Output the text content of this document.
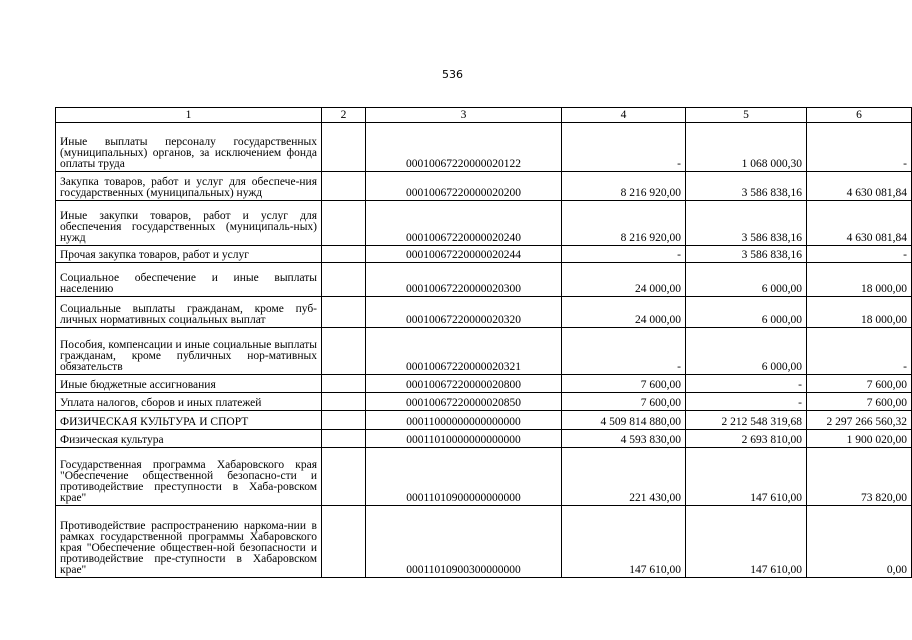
536
1	2	3	4	5	6
Иные выплаты персоналу государственных (муниципальных) органов, за исключением фонда оплаты труда		00010067220000020122	-	1 068 000,30	-
Закупка товаров, работ и услуг для обеспече-ния государственных (муниципальных) нужд		00010067220000020200	8 216 920,00	3 586 838,16	4 630 081,84
Иные закупки товаров, работ и услуг для обеспечения государственных (муниципаль-ных) нужд		00010067220000020240	8 216 920,00	3 586 838,16	4 630 081,84
Прочая закупка товаров, работ и услуг		00010067220000020244	-	3 586 838,16	-
Социальное обеспечение и иные выплаты населению		00010067220000020300	24 000,00	6 000,00	18 000,00
Социальные выплаты гражданам, кроме пуб-личных нормативных социальных выплат		00010067220000020320	24 000,00	6 000,00	18 000,00
Пособия, компенсации и иные социальные выплаты гражданам, кроме публичных нор-мативных обязательств		00010067220000020321	-	6 000,00	-
Иные бюджетные ассигнования		00010067220000020800	7 600,00	-	7 600,00
Уплата налогов, сборов и иных платежей		00010067220000020850	7 600,00	-	7 600,00
ФИЗИЧЕСКАЯ КУЛЬТУРА И СПОРТ		00011000000000000000	4 509 814 880,00	2 212 548 319,68	2 297 266 560,32
Физическая культура		00011010000000000000	4 593 830,00	2 693 810,00	1 900 020,00
Государственная программа Хабаровского края "Обеспечение общественной безопасно-сти и противодействие преступности в Хаба-ровском крае"		00011010900000000000	221 430,00	147 610,00	73 820,00
Противодействие распространению наркома-нии в рамках государственной программы Хабаровского края "Обеспечение обществен-ной безопасности и противодействие пре-ступности в Хабаровском крае"		00011010900300000000	147 610,00	147 610,00	0,00
